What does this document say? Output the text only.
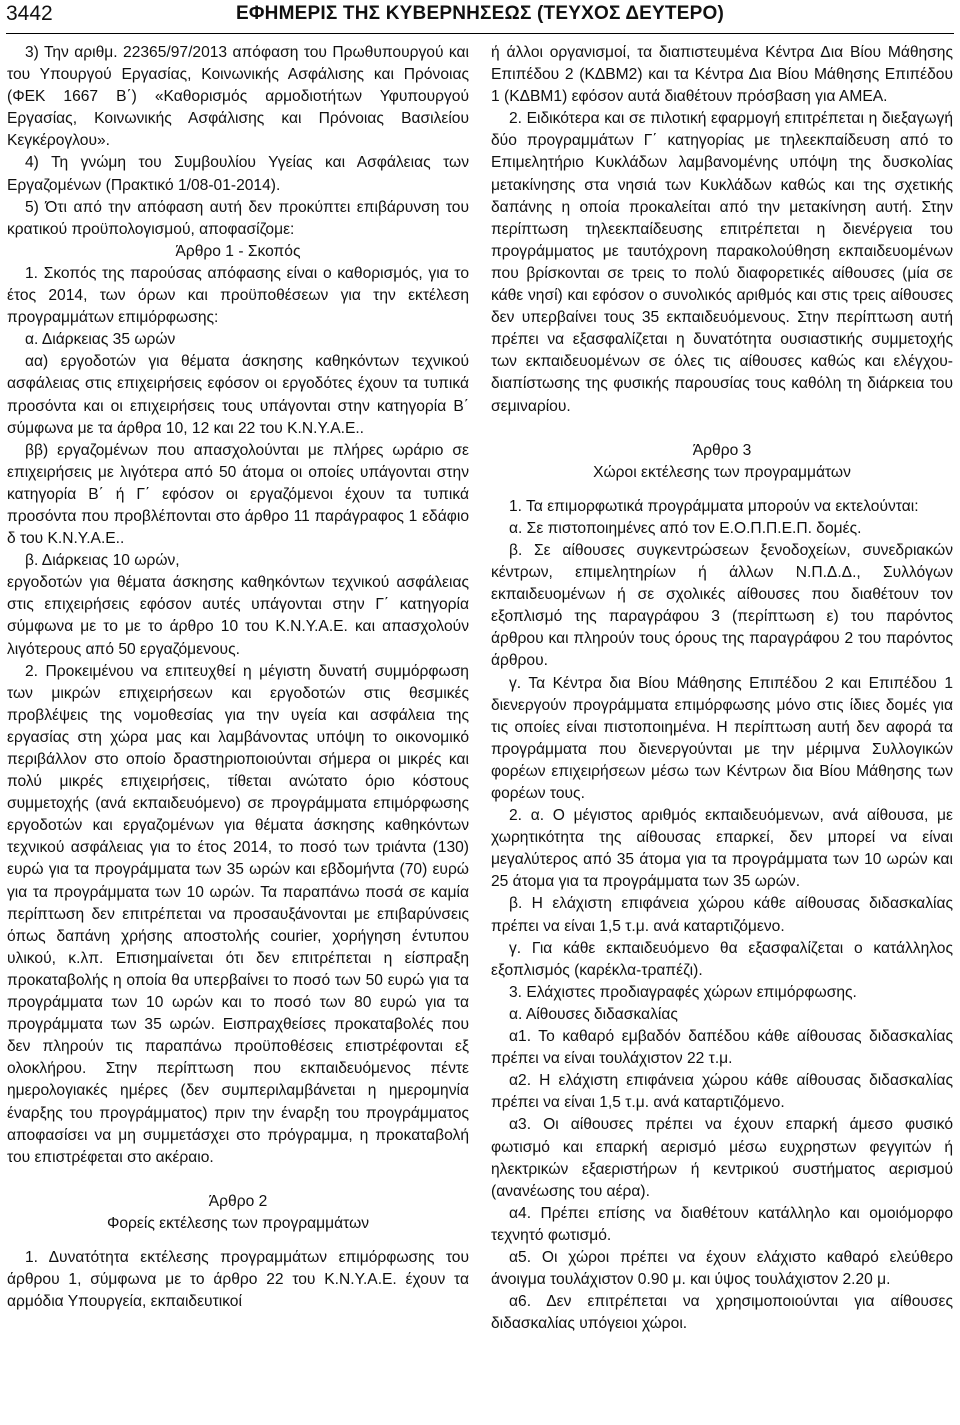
3442	ΕΦΗΜΕΡΙΣ ΤΗΣ ΚΥΒΕΡΝΗΣΕΩΣ (ΤΕΥΧΟΣ ΔΕΥΤΕΡΟ)

3) Την αριθμ. 22365/97/2013 απόφαση του Πρωθυπουργού και του Υπουργού Εργασίας, Κοινωνικής Ασφάλισης και Πρόνοιας (ΦΕΚ 1667 Β΄) «Καθορισμός αρμοδιοτήτων Υφυπουργού Εργασίας, Κοινωνικής Ασφάλισης και Πρόνοιας Βασιλείου Κεγκέρογλου».

4) Τη γνώμη του Συμβουλίου Υγείας και Ασφάλειας των Εργαζομένων (Πρακτικό 1/08-01-2014).

5) Ότι από την απόφαση αυτή δεν προκύπτει επιβάρυνση του κρατικού προϋπολογισμού, αποφασίζομε:

Άρθρο 1 - Σκοπός

1. Σκοπός της παρούσας απόφασης είναι ο καθορισμός, για το έτος 2014, των όρων και προϋποθέσεων για την εκτέλεση προγραμμάτων επιμόρφωσης:

α. Διάρκειας 35 ωρών

αα) εργοδοτών για θέματα άσκησης καθηκόντων τεχνικού ασφάλειας στις επιχειρήσεις εφόσον οι εργοδότες έχουν τα τυπικά προσόντα και οι επιχειρήσεις τους υπάγονται στην κατηγορία Β΄ σύμφωνα με τα άρθρα 10, 12 και 22 του Κ.Ν.Υ.Α.Ε..

ββ) εργαζομένων που απασχολούνται με πλήρες ωράριο σε επιχειρήσεις με λιγότερα από 50 άτομα οι οποίες υπάγονται στην κατηγορία Β΄ ή Γ΄ εφόσον οι εργαζόμενοι έχουν τα τυπικά προσόντα που προβλέπονται στο άρθρο 11 παράγραφος 1 εδάφιο δ του Κ.Ν.Υ.Α.Ε..

β. Διάρκειας 10 ωρών,

εργοδοτών για θέματα άσκησης καθηκόντων τεχνικού ασφάλειας στις επιχειρήσεις εφόσον αυτές υπάγονται στην Γ΄ κατηγορία σύμφωνα με το με το άρθρο 10 του Κ.Ν.Υ.Α.Ε. και απασχολούν λιγότερους από 50 εργαζόμενους.

2. Προκειμένου να επιτευχθεί η μέγιστη δυνατή συμμόρφωση των μικρών επιχειρήσεων και εργοδοτών στις θεσμικές προβλέψεις της νομοθεσίας για την υγεία και ασφάλεια της εργασίας στη χώρα μας και λαμβάνοντας υπόψη το οικονομικό περιβάλλον στο οποίο δραστηριοποιούνται σήμερα οι μικρές και πολύ μικρές επιχειρήσεις, τίθεται ανώτατο όριο κόστους συμμετοχής (ανά εκπαιδευόμενο) σε προγράμματα επιμόρφωσης εργοδοτών και εργαζομένων για θέματα άσκησης καθηκόντων τεχνικού ασφάλειας για το έτος 2014, το ποσό των τριάντα (130) ευρώ για τα προγράμματα των 35 ωρών και εβδομήντα (70) ευρώ για τα προγράμματα των 10 ωρών. Τα παραπάνω ποσά σε καμία περίπτωση δεν επιτρέπεται να προσαυξάνονται με επιβαρύνσεις όπως δαπάνη χρήσης αποστολής courier, χορήγηση έντυπου υλικού, κ.λπ. Επισημαίνεται ότι δεν επιτρέπεται η είσπραξη προκαταβολής η οποία θα υπερβαίνει το ποσό των 50 ευρώ για τα προγράμματα των 10 ωρών και το ποσό των 80 ευρώ για τα προγράμματα των 35 ωρών. Εισπραχθείσες προκαταβολές που δεν πληρούν τις παραπάνω προϋποθέσεις επιστρέφονται εξ ολοκλήρου. Στην περίπτωση που εκπαιδευόμενος πέντε ημερολογιακές ημέρες (δεν συμπεριλαμβάνεται η ημερομηνία έναρξης του προγράμματος) πριν την έναρξη του προγράμματος αποφασίσει να μη συμμετάσχει στο πρόγραμμα, η προκαταβολή του επιστρέφεται στο ακέραιο.

Άρθρο 2

Φορείς εκτέλεσης των προγραμμάτων

1. Δυνατότητα εκτέλεσης προγραμμάτων επιμόρφωσης του άρθρου 1, σύμφωνα με το άρθρο 22 του Κ.Ν.Υ.Α.Ε. έχουν τα αρμόδια Υπουργεία, εκπαιδευτικοί

ή άλλοι οργανισμοί, τα διαπιστευμένα Κέντρα Δια Βίου Μάθησης Επιπέδου 2 (ΚΔΒΜ2) και τα Κέντρα Δια Βίου Μάθησης Επιπέδου 1 (ΚΔΒΜ1) εφόσον αυτά διαθέτουν πρόσβαση για ΑΜΕΑ.

2. Ειδικότερα και σε πιλοτική εφαρμογή επιτρέπεται η διεξαγωγή δύο προγραμμάτων Γ΄ κατηγορίας με τηλεεκπαίδευση από το Επιμελητήριο Κυκλάδων λαμβανομένης υπόψη της δυσκολίας μετακίνησης στα νησιά των Κυκλάδων καθώς και της σχετικής δαπάνης η οποία προκαλείται από την μετακίνηση αυτή. Στην περίπτωση τηλεεκπαίδευσης επιτρέπεται η διενέργεια του προγράμματος με ταυτόχρονη παρακολούθηση εκπαιδευομένων που βρίσκονται σε τρεις το πολύ διαφορετικές αίθουσες (μία σε κάθε νησί) και εφόσον ο συνολικός αριθμός και στις τρεις αίθουσες δεν υπερβαίνει τους 35 εκπαιδευόμενους. Στην περίπτωση αυτή πρέπει να εξασφαλίζεται η δυνατότητα ουσιαστικής συμμετοχής των εκπαιδευομένων σε όλες τις αίθουσες καθώς και ελέγχου-διαπίστωσης της φυσικής παρουσίας τους καθόλη τη διάρκεια του σεμιναρίου.

Άρθρο 3

Χώροι εκτέλεσης των προγραμμάτων

1. Τα επιμορφωτικά προγράμματα μπορούν να εκτελούνται:

α. Σε πιστοποιημένες από τον Ε.Ο.Π.Π.Ε.Π. δομές.

β. Σε αίθουσες συγκεντρώσεων ξενοδοχείων, συνεδριακών κέντρων, επιμελητηρίων ή άλλων Ν.Π.Δ.Δ., Συλλόγων εκπαιδευομένων ή σε σχολικές αίθουσες που διαθέτουν τον εξοπλισμό της παραγράφου 3 (περίπτωση ε) του παρόντος άρθρου και πληρούν τους όρους της παραγράφου 2 του παρόντος άρθρου.

γ. Τα Κέντρα δια Βίου Μάθησης Επιπέδου 2 και Επιπέδου 1 διενεργούν προγράμματα επιμόρφωσης μόνο στις ίδιες δομές για τις οποίες είναι πιστοποιημένα. Η περίπτωση αυτή δεν αφορά τα προγράμματα που διενεργούνται με την μέριμνα Συλλογικών φορέων επιχειρήσεων μέσω των Κέντρων δια Βίου Μάθησης των φορέων τους.

2. α. Ο μέγιστος αριθμός εκπαιδευόμενων, ανά αίθουσα, με χωρητικότητα της αίθουσας επαρκεί, δεν μπορεί να είναι μεγαλύτερος από 35 άτομα για τα προγράμματα των 10 ωρών και 25 άτομα για τα προγράμματα των 35 ωρών.

β. Η ελάχιστη επιφάνεια χώρου κάθε αίθουσας διδασκαλίας πρέπει να είναι 1,5 τ.μ. ανά καταρτιζόμενο.

γ. Για κάθε εκπαιδευόμενο θα εξασφαλίζεται ο κατάλληλος εξοπλισμός (καρέκλα-τραπέζι).

3. Ελάχιστες προδιαγραφές χώρων επιμόρφωσης.

α. Αίθουσες διδασκαλίας

α1. Το καθαρό εμβαδόν δαπέδου κάθε αίθουσας διδασκαλίας πρέπει να είναι τουλάχιστον 22 τ.μ.

α2. Η ελάχιστη επιφάνεια χώρου κάθε αίθουσας διδασκαλίας πρέπει να είναι 1,5 τ.μ. ανά καταρτιζόμενο.

α3. Οι αίθουσες πρέπει να έχουν επαρκή άμεσο φυσικό φωτισμό και επαρκή αερισμό μέσω ευχρηστων φεγγιτών ή ηλεκτρικών εξαεριστήρων ή κεντρικού συστήματος αερισμού (ανανέωσης του αέρα).

α4. Πρέπει επίσης να διαθέτουν κατάλληλο και ομοιόμορφο τεχνητό φωτισμό.

α5. Οι χώροι πρέπει να έχουν ελάχιστο καθαρό ελεύθερο άνοιγμα τουλάχιστον 0.90 μ. και ύψος τουλάχιστον 2.20 μ.

α6. Δεν επιτρέπεται να χρησιμοποιούνται για αίθουσες διδασκαλίας υπόγειοι χώροι.
